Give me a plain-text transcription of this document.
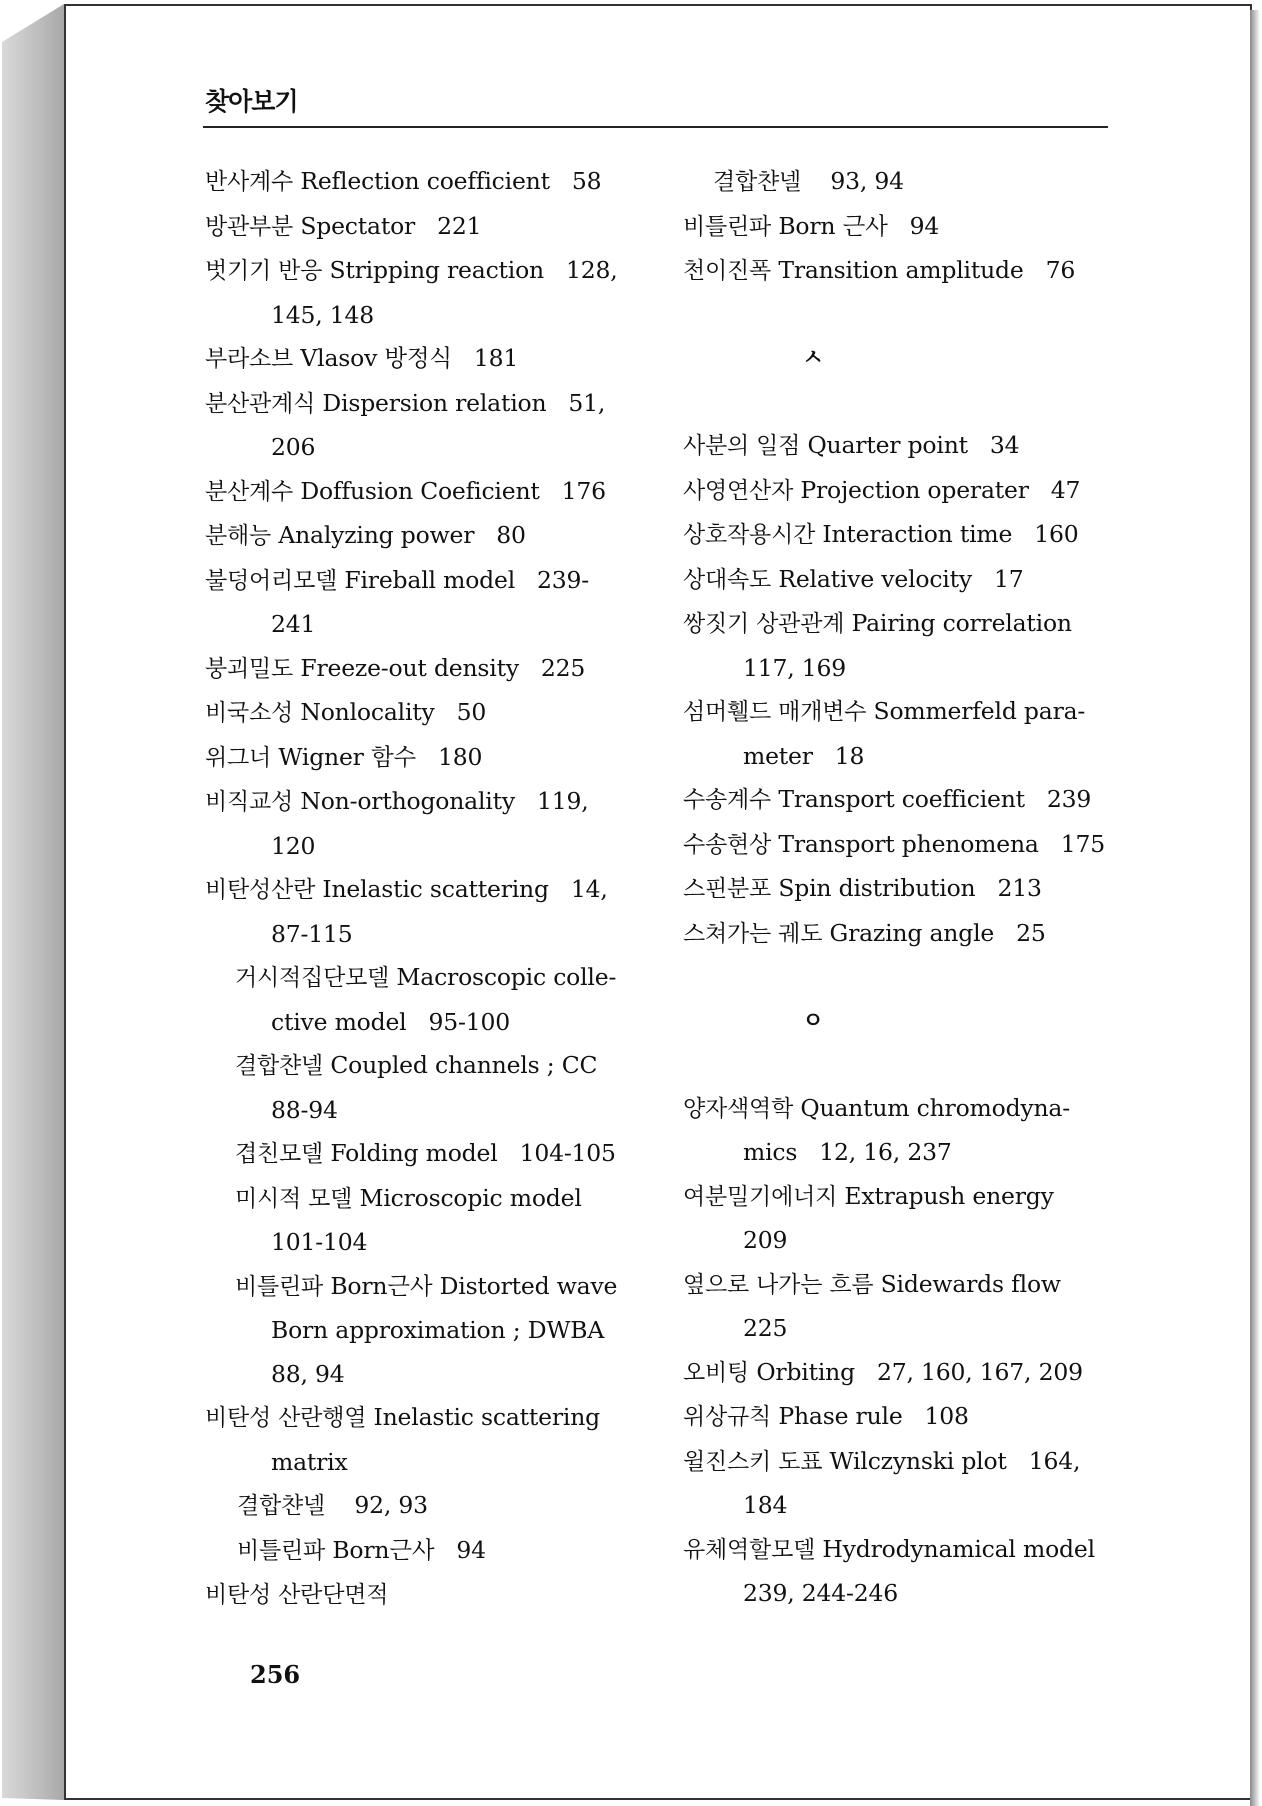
찾아보기
반사계수 Reflection coefficient 58
방관부분 Spectator 221
벗기기 반응 Stripping reaction 128,
145, 148
부라소브 Vlasov 방정식 181
분산관계식 Dispersion relation 51,
206
분산계수 Doffusion Coeficient 176
분해능 Analyzing power 80
불덩어리모델 Fireball model 239-
241
붕괴밀도 Freeze-out density 225
비국소성 Nonlocality 50
위그너 Wigner 함수 180
비직교성 Non-orthogonality 119,
120
비탄성산란 Inelastic scattering 14,
87-115
거시적집단모델 Macroscopic colle-
ctive model 95-100
결합챤넬 Coupled channels ; CC
88-94
겹친모델 Folding model 104-105
미시적 모델 Microscopic model
101-104
비틀린파 Born근사 Distorted wave
Born approximation ; DWBA
88, 94
비탄성 산란행열 Inelastic scattering
matrix
결합챤넬 92, 93
비틀린파 Born근사 94
비탄성 산란단면적
결합챤넬 93, 94
비틀린파 Born 근사 94
천이진폭 Transition amplitude 76
ㅅ
사분의 일점 Quarter point 34
사영연산자 Projection operater 47
상호작용시간 Interaction time 160
상대속도 Relative velocity 17
쌍짓기 상관관계 Pairing correlation
117, 169
섬머휄드 매개변수 Sommerfeld para-
meter 18
수송계수 Transport coefficient 239
수송현상 Transport phenomena 175
스핀분포 Spin distribution 213
스쳐가는 궤도 Grazing angle 25
ㅇ
양자색역학 Quantum chromodyna-
mics 12, 16, 237
여분밀기에너지 Extrapush energy
209
옆으로 나가는 흐름 Sidewards flow
225
오비팅 Orbiting 27, 160, 167, 209
위상규칙 Phase rule 108
윌진스키 도표 Wilczynski plot 164,
184
유체역할모델 Hydrodynamical model
239, 244-246
256
